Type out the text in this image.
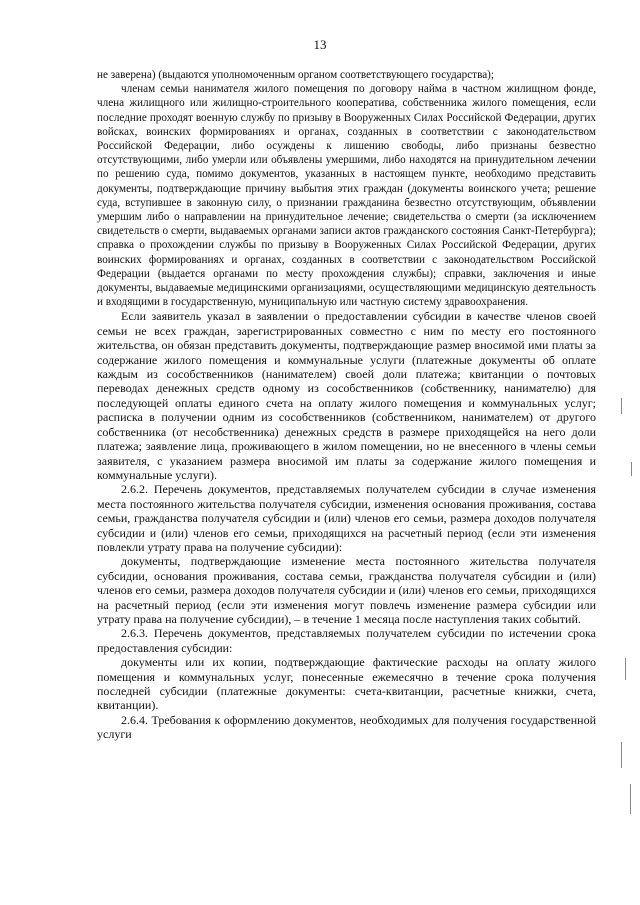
13

не заверена) (выдаются уполномоченным органом соответствующего государства);

членам семьи нанимателя жилого помещения по договору найма в частном жилищном фонде, члена жилищного или жилищно-строительного кооператива, собственника жилого помещения, если последние проходят военную службу по призыву в Вооруженных Силах Российской Федерации, других войсках, воинских формированиях и органах, созданных в соответствии с законодательством Российской Федерации, либо осуждены к лишению свободы, либо признаны безвестно отсутствующими, либо умерли или объявлены умершими, либо находятся на принудительном лечении по решению суда, помимо документов, указанных в настоящем пункте, необходимо представить документы, подтверждающие причину выбытия этих граждан (документы воинского учета; решение суда, вступившее в законную силу, о признании гражданина безвестно отсутствующим, объявлении умершим либо о направлении на принудительное лечение; свидетельства о смерти (за исключением свидетельств о смерти, выдаваемых органами записи актов гражданского состояния Санкт-Петербурга); справка о прохождении службы по призыву в Вооруженных Силах Российской Федерации, других воинских формированиях и органах, созданных в соответствии с законодательством Российской Федерации (выдается органами по месту прохождения службы); справки, заключения и иные документы, выдаваемые медицинскими организациями, осуществляющими медицинскую деятельность и входящими в государственную, муниципальную или частную систему здравоохранения.

Если заявитель указал в заявлении о предоставлении субсидии в качестве членов своей семьи не всех граждан, зарегистрированных совместно с ним по месту его постоянного жительства, он обязан представить документы, подтверждающие размер вносимой ими платы за содержание жилого помещения и коммунальные услуги (платежные документы об оплате каждым из сособственников (нанимателем) своей доли платежа; квитанции о почтовых переводах денежных средств одному из сособственников (собственнику, нанимателю) для последующей оплаты единого счета на оплату жилого помещения и коммунальных услуг; расписка в получении одним из сособственников (собственником, нанимателем) от другого собственника (от несобственника) денежных средств в размере приходящейся на него доли платежа; заявление лица, проживающего в жилом помещении, но не внесенного в члены семьи заявителя, с указанием размера вносимой им платы за содержание жилого помещения и коммунальные услуги).

2.6.2. Перечень документов, представляемых получателем субсидии в случае изменения места постоянного жительства получателя субсидии, изменения основания проживания, состава семьи, гражданства получателя субсидии и (или) членов его семьи, размера доходов получателя субсидии и (или) членов его семьи, приходящихся на расчетный период (если эти изменения повлекли утрату права на получение субсидии):

документы, подтверждающие изменение места постоянного жительства получателя субсидии, основания проживания, состава семьи, гражданства получателя субсидии и (или) членов его семьи, размера доходов получателя субсидии и (или) членов его семьи, приходящихся на расчетный период (если эти изменения могут повлечь изменение размера субсидии или утрату права на получение субсидии), – в течение 1 месяца после наступления таких событий.

2.6.3. Перечень документов, представляемых получателем субсидии по истечении срока предоставления субсидии:

документы или их копии, подтверждающие фактические расходы на оплату жилого помещения и коммунальных услуг, понесенные ежемесячно в течение срока получения последней субсидии (платежные документы: счета-квитанции, расчетные книжки, счета, квитанции).

2.6.4. Требования к оформлению документов, необходимых для получения государственной услуги
